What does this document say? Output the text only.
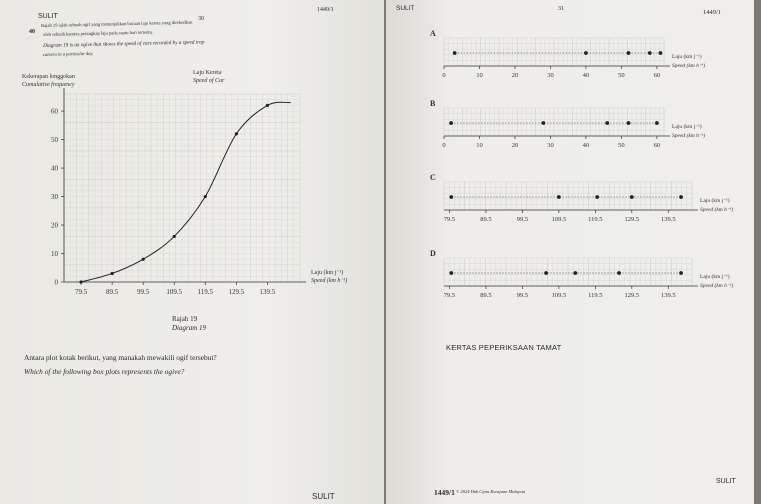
SULIT	30
1449/1
40
Rajah 19 ialah sebuah ogif yang menunjukkan bacaan laju kereta yang direkodkan
oleh sebuah kamera perangkap laju pada suatu hari tertentu.
Diagram 19 is an ogive that shows the speed of cars recorded by a speed trap
camera in a particular day.
79.5	89.5	99.5 109.5 119.5 129.5 139.5
0
10
20
30
40
50
60
Kekerapan longgokan
Cumulative frequency
Laju Kereta
Speed of Car
Laju (km j⁻¹)
Speed (km h⁻¹)
Rajah 19
Diagram 19
Antara plot kotak berikut, yang manakah mewakili ogif tersebut?
Which of the following box plots represents the ogive?
SULIT
SULIT	31	1449/1
A
0	10	20	30	40	50	60
Laju (km j⁻¹)
Speed (km h⁻¹)
B
0	10	20	30	40	50	60
Laju (km j⁻¹)
Speed (km h⁻¹)
C
79.5	89.5	99.5	109.5	119.5	129.5	139.5
Laju (km j⁻¹)
Speed (km h⁻¹)
D
79.5	89.5	99.5	109.5	119.5	129.5	139.5
Laju (km j⁻¹)
Speed (km h⁻¹)
KERTAS PEPERIKSAAN TAMAT
1449/1 © 2024 Hak Cipta Kerajaan Malaysia
SULIT
